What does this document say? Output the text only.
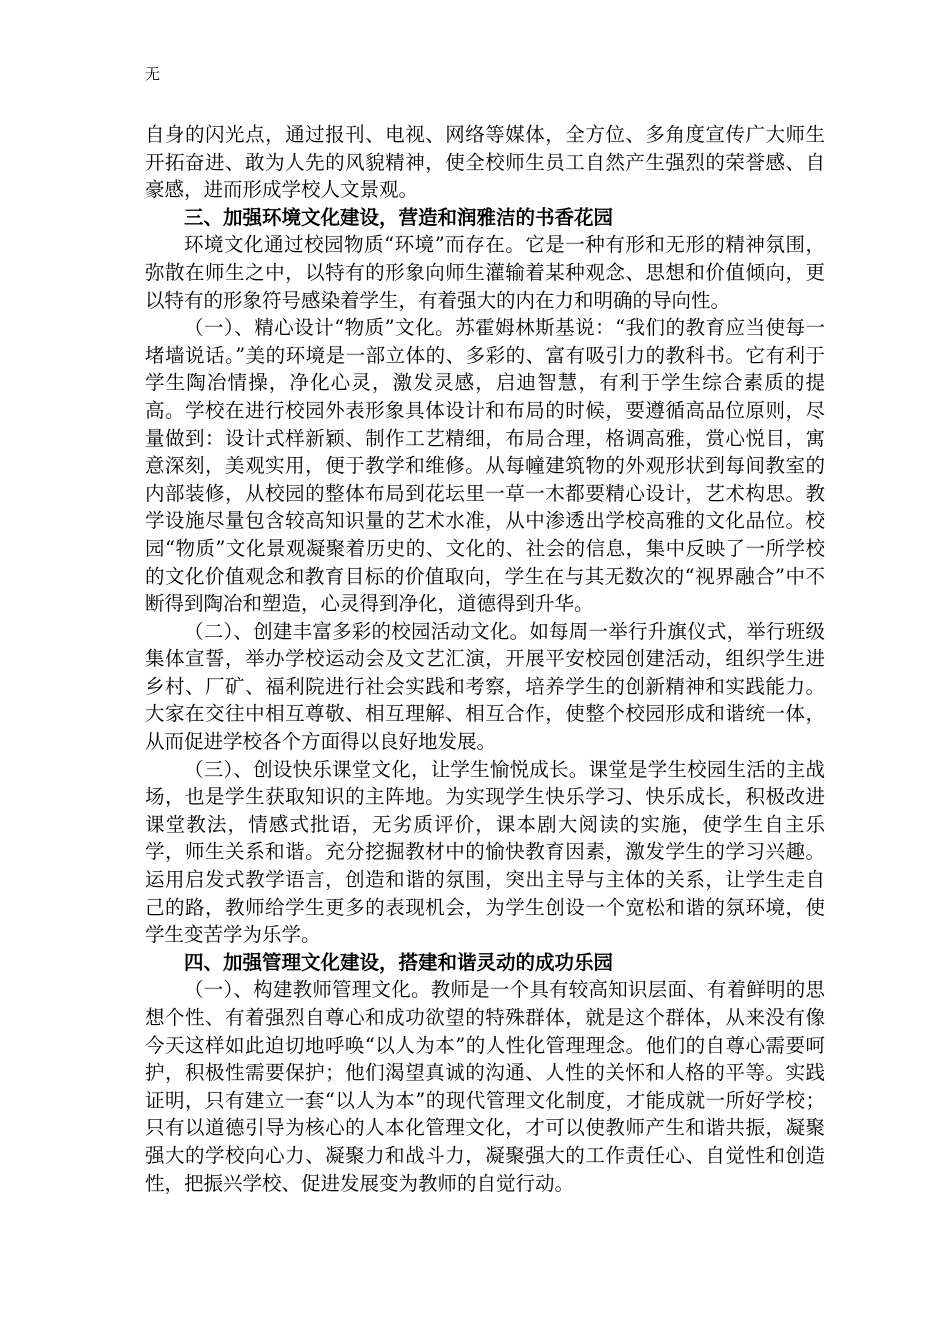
无

自身的闪光点，通过报刊、电视、网络等媒体，全方位、多角度宣传广大师生开拓奋进、敢为人先的风貌精神，使全校师生员工自然产生强烈的荣誉感、自豪感，进而形成学校人文景观。

三、加强环境文化建设，营造和润雅洁的书香花园

环境文化通过校园物质“环境”而存在。它是一种有形和无形的精神氛围，弥散在师生之中，以特有的形象向师生灌输着某种观念、思想和价值倾向，更以特有的形象符号感染着学生，有着强大的内在力和明确的导向性。

（一）、精心设计“物质”文化。苏霍姆林斯基说：“我们的教育应当使每一堵墙说话。”美的环境是一部立体的、多彩的、富有吸引力的教科书。它有利于学生陶冶情操，净化心灵，激发灵感，启迪智慧，有利于学生综合素质的提高。学校在进行校园外表形象具体设计和布局的时候，要遵循高品位原则，尽量做到：设计式样新颖、制作工艺精细，布局合理，格调高雅，赏心悦目，寓意深刻，美观实用，便于教学和维修。从每幢建筑物的外观形状到每间教室的内部装修，从校园的整体布局到花坛里一草一木都要精心设计，艺术构思。教学设施尽量包含较高知识量的艺术水准，从中渗透出学校高雅的文化品位。校园“物质”文化景观凝聚着历史的、文化的、社会的信息，集中反映了一所学校的文化价值观念和教育目标的价值取向，学生在与其无数次的“视界融合”中不断得到陶冶和塑造，心灵得到净化，道德得到升华。

（二）、创建丰富多彩的校园活动文化。如每周一举行升旗仪式，举行班级集体宣誓，举办学校运动会及文艺汇演，开展平安校园创建活动，组织学生进乡村、厂矿、福利院进行社会实践和考察，培养学生的创新精神和实践能力。大家在交往中相互尊敬、相互理解、相互合作，使整个校园形成和谐统一体，从而促进学校各个方面得以良好地发展。

（三）、创设快乐课堂文化，让学生愉悦成长。课堂是学生校园生活的主战场，也是学生获取知识的主阵地。为实现学生快乐学习、快乐成长，积极改进课堂教法，情感式批语，无劣质评价，课本剧大阅读的实施，使学生自主乐学，师生关系和谐。充分挖掘教材中的愉快教育因素，激发学生的学习兴趣。运用启发式教学语言，创造和谐的氛围，突出主导与主体的关系，让学生走自己的路，教师给学生更多的表现机会，为学生创设一个宽松和谐的氛环境，使学生变苦学为乐学。

四、加强管理文化建设，搭建和谐灵动的成功乐园

（一）、构建教师管理文化。教师是一个具有较高知识层面、有着鲜明的思想个性、有着强烈自尊心和成功欲望的特殊群体，就是这个群体，从来没有像今天这样如此迫切地呼唤“以人为本”的人性化管理理念。他们的自尊心需要呵护，积极性需要保护；他们渴望真诚的沟通、人性的关怀和人格的平等。实践证明，只有建立一套“以人为本”的现代管理文化制度，才能成就一所好学校；只有以道德引导为核心的人本化管理文化，才可以使教师产生和谐共振，凝聚强大的学校向心力、凝聚力和战斗力，凝聚强大的工作责任心、自觉性和创造性，把振兴学校、促进发展变为教师的自觉行动。
